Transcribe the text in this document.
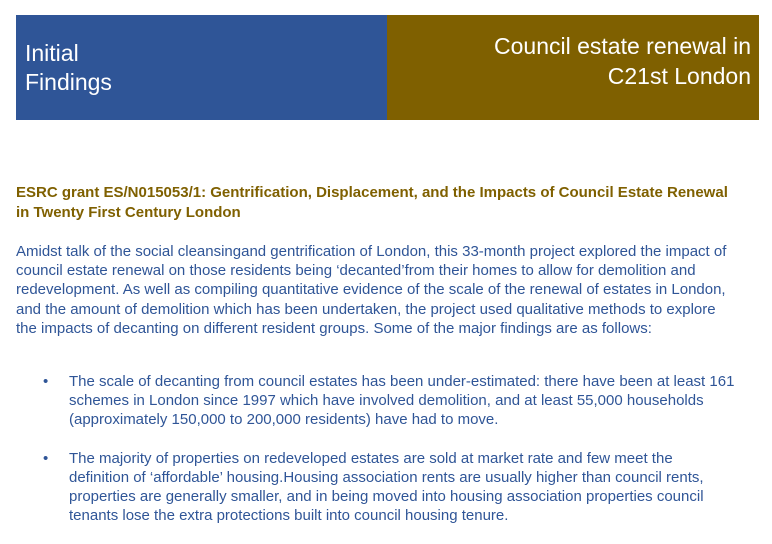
Initial
Findings
Council estate renewal in
C21st London
ESRC grant ES/N015053/1: Gentrification, Displacement, and the Impacts of Council Estate Renewal in Twenty First Century London
Amidst talk of the social cleansingand gentrification of London, this 33-month project explored the impact of council estate renewal on those residents being ‘decanted’from their homes to allow for demolition and redevelopment. As well as compiling quantitative evidence of the scale of the renewal of estates in London, and the amount of demolition which has been undertaken, the project used qualitative methods to explore the impacts of decanting on different resident groups. Some of the major findings are as follows:
• The scale of decanting from council estates has been under-estimated: there have been at least 161 schemes in London since 1997 which have involved demolition, and at least 55,000 households (approximately 150,000 to 200,000 residents) have had to move.
• The majority of properties on redeveloped estates are sold at market rate and few meet the definition of ‘affordable’ housing.Housing association rents are usually higher than council rents, properties are generally smaller, and in being moved into housing association properties council tenants lose the extra protections built into council housing tenure.
